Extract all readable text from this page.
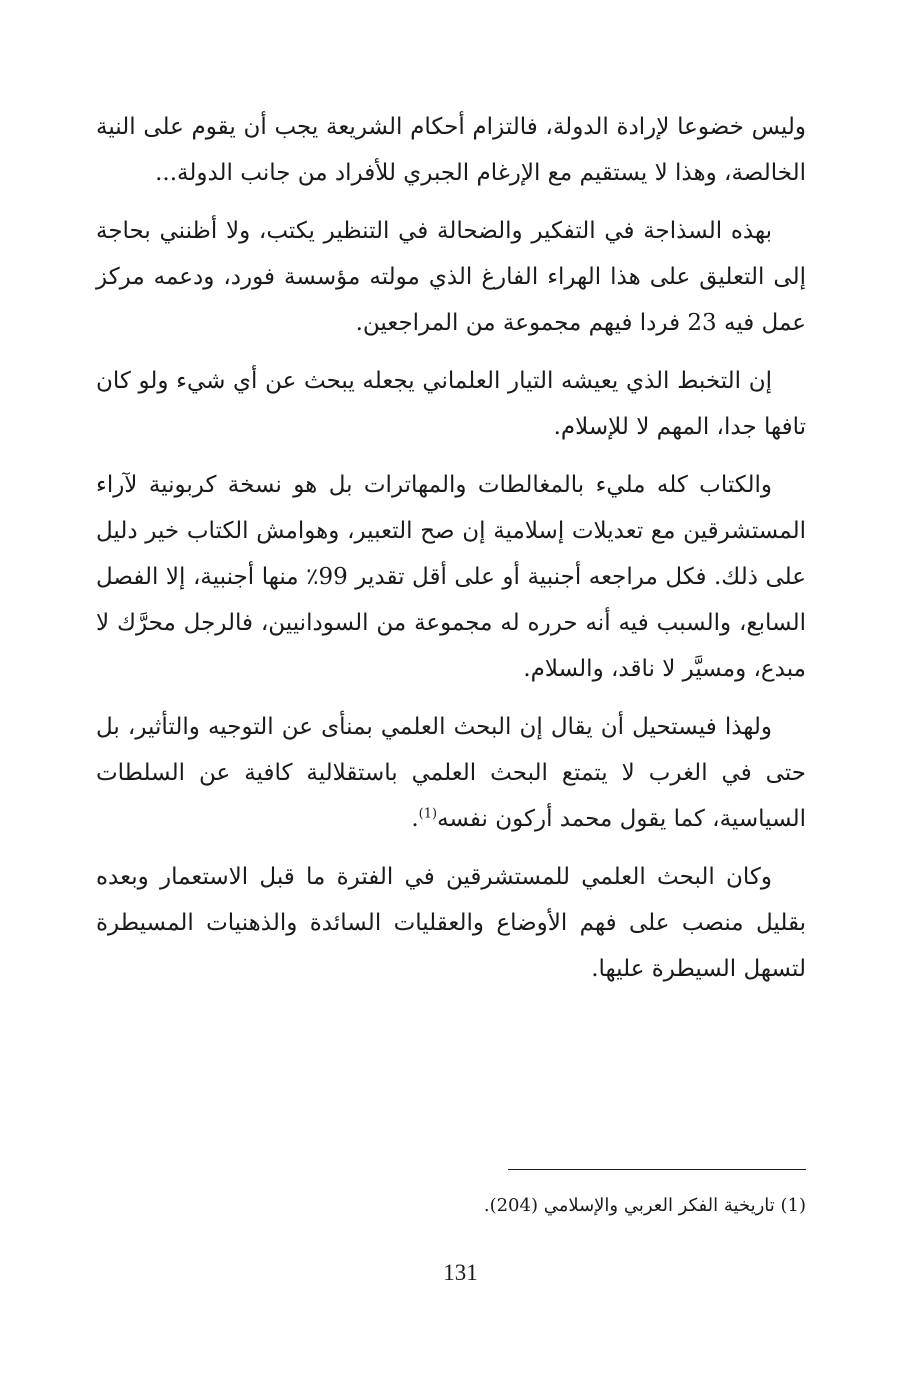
وليس خضوعا لإرادة الدولة، فالتزام أحكام الشريعة يجب أن يقوم على النية الخالصة، وهذا لا يستقيم مع الإرغام الجبري للأفراد من جانب الدولة...

بهذه السذاجة في التفكير والضحالة في التنظير يكتب، ولا أظنني بحاجة إلى التعليق على هذا الهراء الفارغ الذي مولته مؤسسة فورد، ودعمه مركز عمل فيه 23 فردا فيهم مجموعة من المراجعين.

إن التخبط الذي يعيشه التيار العلماني يجعله يبحث عن أي شيء ولو كان تافها جدا، المهم لا للإسلام.

والكتاب كله مليء بالمغالطات والمهاترات بل هو نسخة كربونية لآراء المستشرقين مع تعديلات إسلامية إن صح التعبير، وهوامش الكتاب خير دليل على ذلك. فكل مراجعه أجنبية أو على أقل تقدير 99٪ منها أجنبية، إلا الفصل السابع، والسبب فيه أنه حرره له مجموعة من السودانيين، فالرجل محرَّك لا مبدع، ومسيَّر لا ناقد، والسلام.

ولهذا فيستحيل أن يقال إن البحث العلمي بمنأى عن التوجيه والتأثير، بل حتى في الغرب لا يتمتع البحث العلمي باستقلالية كافية عن السلطات السياسية، كما يقول محمد أركون نفسه$^{(1)}$.

وكان البحث العلمي للمستشرقين في الفترة ما قبل الاستعمار وبعده بقليل منصب على فهم الأوضاع والعقليات السائدة والذهنيات المسيطرة لتسهل السيطرة عليها.

(1) تاريخية الفكر العربي والإسلامي (204).
131
